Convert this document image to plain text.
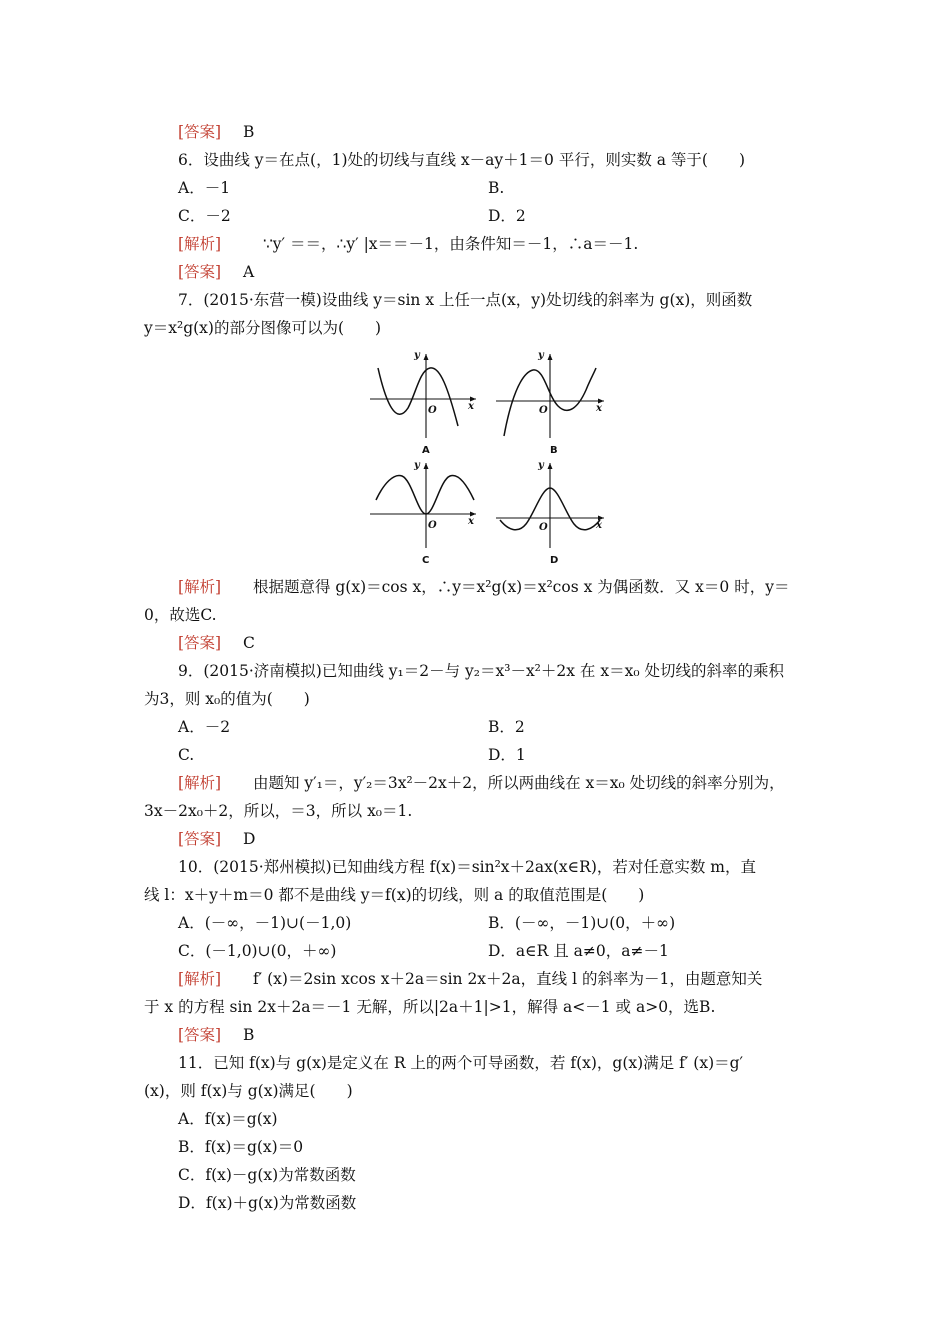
[答案] B
6．设曲线 y＝在点(，1)处的切线与直线 x－ay＋1＝0 平行，则实数 a 等于(　　)
A．－1	B.
C．－2	D．2
[解析]	∵y′ ＝＝，∴y′ |x＝＝－1，由条件知＝－1，∴a＝－1.
[答案] A
7．(2015·东营一模)设曲线 y＝sin x 上任一点(x，y)处切线的斜率为 g(x)，则函数
y＝x²g(x)的部分图像可以为(　　)
y
x
O
A
y
x
O
B
y
x
O
C
y
x
O
D
[解析] 根据题意得 g(x)＝cos x，∴y＝x²g(x)＝x²cos x 为偶函数．又 x＝0 时，y＝
0，故选C.
[答案] C
9．(2015·济南模拟)已知曲线 y₁＝2－与 y₂＝x³－x²＋2x 在 x＝x₀ 处切线的斜率的乘积
为3，则 x₀的值为(　　)
A．－2	B．2
C.	D．1
[解析] 由题知 y′₁＝，y′₂＝3x²－2x＋2，所以两曲线在 x＝x₀ 处切线的斜率分别为，
3x－2x₀＋2，所以，＝3，所以 x₀＝1.
[答案] D
10．(2015·郑州模拟)已知曲线方程 f(x)＝sin²x＋2ax(x∈R)，若对任意实数 m，直
线 l：x＋y＋m＝0 都不是曲线 y＝f(x)的切线，则 a 的取值范围是(　　)
A．(－∞，－1)∪(－1,0)	B．(－∞，－1)∪(0，＋∞)
C．(－1,0)∪(0，＋∞)	D．a∈R 且 a≠0，a≠－1
[解析] f′ (x)＝2sin xcos x＋2a＝sin 2x＋2a，直线 l 的斜率为－1，由题意知关
于 x 的方程 sin 2x＋2a＝－1 无解，所以|2a＋1|>1，解得 a<－1 或 a>0，选B.
[答案] B
11．已知 f(x)与 g(x)是定义在 R 上的两个可导函数，若 f(x)，g(x)满足 f′ (x)＝g′
(x)，则 f(x)与 g(x)满足(　　)
A．f(x)＝g(x)
B．f(x)＝g(x)＝0
C．f(x)－g(x)为常数函数
D．f(x)＋g(x)为常数函数
